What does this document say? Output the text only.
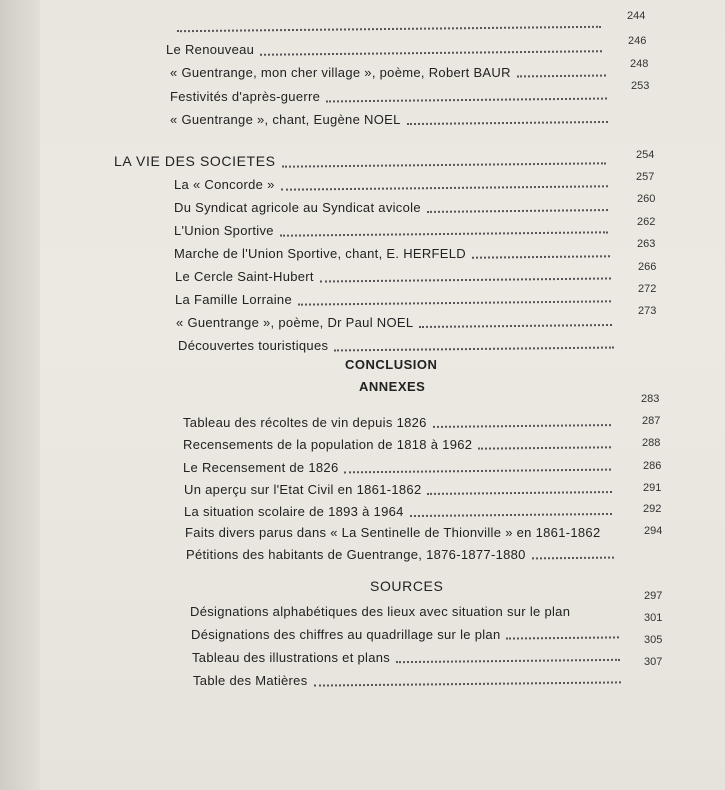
244
Le Renouveau
246
« Guentrange, mon cher village », poème, Robert BAUR
248
Festivités d'après-guerre
253
« Guentrange », chant, Eugène NOEL
LA VIE DES SOCIETES	254
La « Concorde »	257
Du Syndicat agricole au Syndicat avicole
260
L'Union Sportive
262
Marche de l'Union Sportive, chant, E. HERFELD
263
Le Cercle Saint-Hubert
266
La Famille Lorraine
272
« Guentrange », poème, Dr Paul NOEL
273
Découvertes touristiques
CONCLUSION
ANNEXES
Tableau des récoltes de vin depuis 1826
283
Recensements de la population de 1818 à 1962
287
Le Recensement de 1826
288
Un aperçu sur l'Etat Civil en 1861-1862
286
La situation scolaire de 1893 à 1964
291
Faits divers parus dans « La Sentinelle de Thionville » en 1861-1862
292
Pétitions des habitants de Guentrange, 1876-1877-1880
294
SOURCES
Désignations alphabétiques des lieux avec situation sur le plan
297
Désignations des chiffres au quadrillage sur le plan
301
Tableau des illustrations et plans
305
Table des Matières
307
